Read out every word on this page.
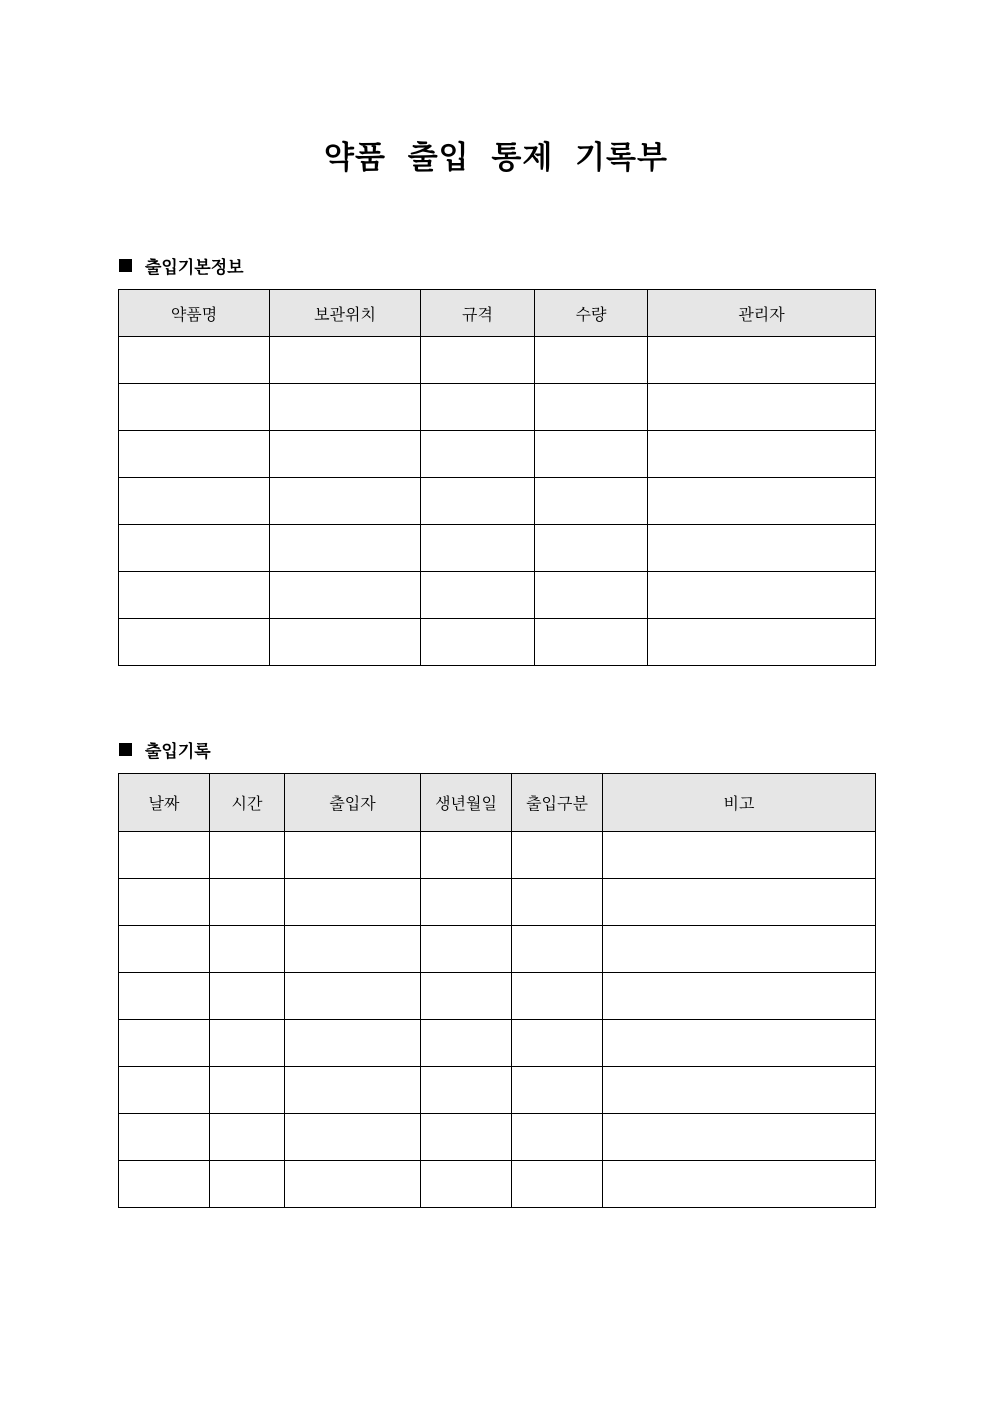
약품 출입 통제 기록부
출입기본정보
약품명	보관위치	규격	수량	관리자

출입기록
날짜	시간	출입자	생년월일	출입구분	비고
